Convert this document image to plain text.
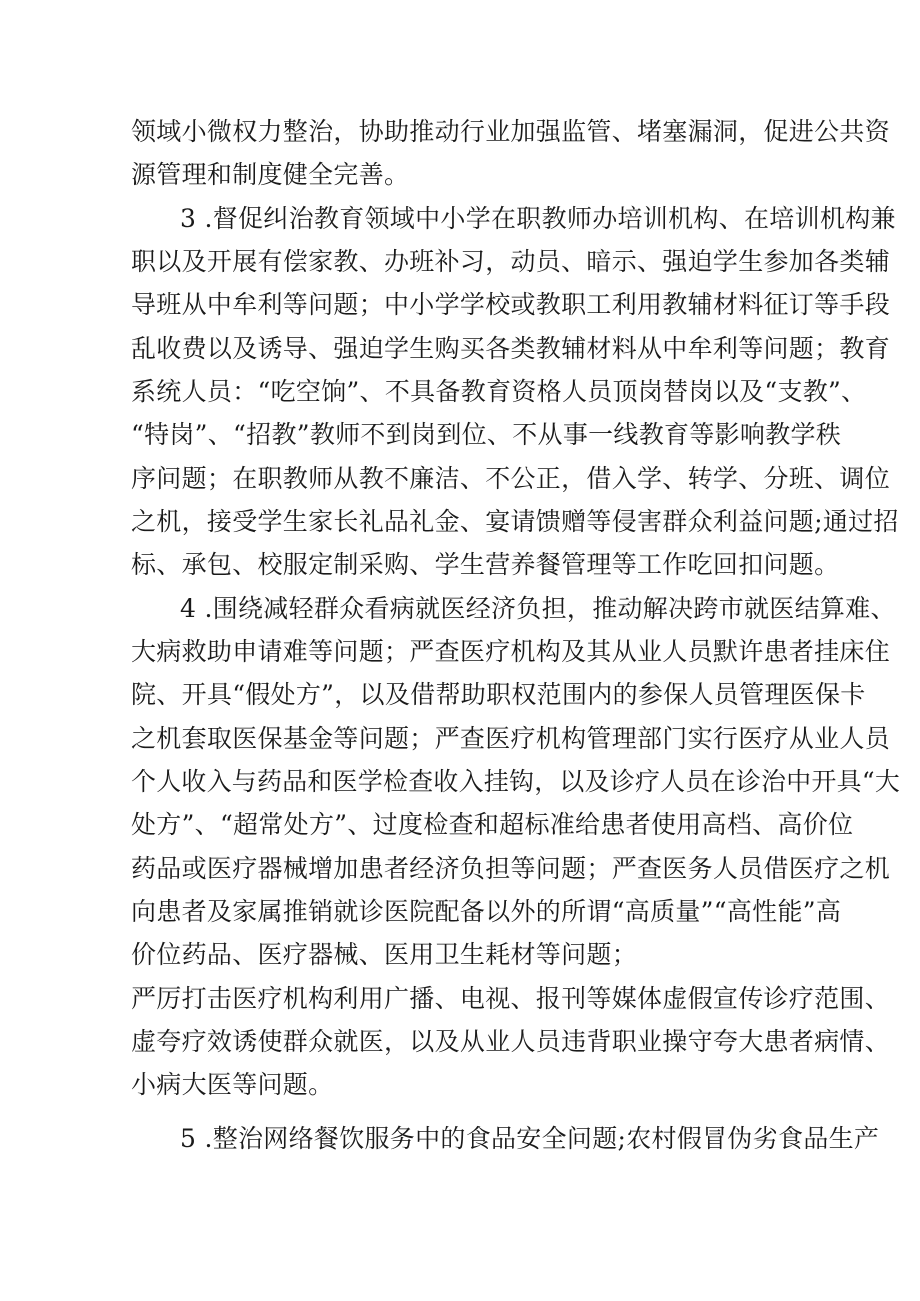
领域小微权力整治，协助推动行业加强监管、堵塞漏洞，促进公共资
源管理和制度健全完善。
3 .督促纠治教育领域中小学在职教师办培训机构、在培训机构兼
职以及开展有偿家教、办班补习，动员、暗示、强迫学生参加各类辅
导班从中牟利等问题；中小学学校或教职工利用教辅材料征订等手段
乱收费以及诱导、强迫学生购买各类教辅材料从中牟利等问题；教育
系统人员：“吃空饷”、不具备教育资格人员顶岗替岗以及“支教”、
“特岗”、“招教”教师不到岗到位、不从事一线教育等影响教学秩
序问题；在职教师从教不廉洁、不公正，借入学、转学、分班、调位
之机，接受学生家长礼品礼金、宴请馈赠等侵害群众利益问题;通过招
标、承包、校服定制采购、学生营养餐管理等工作吃回扣问题。
4 .围绕减轻群众看病就医经济负担，推动解决跨市就医结算难、
大病救助申请难等问题；严查医疗机构及其从业人员默许患者挂床住
院、开具“假处方”，以及借帮助职权范围内的参保人员管理医保卡
之机套取医保基金等问题；严查医疗机构管理部门实行医疗从业人员
个人收入与药品和医学检查收入挂钩，以及诊疗人员在诊治中开具“大
处方”、“超常处方”、过度检查和超标准给患者使用高档、高价位
药品或医疗器械增加患者经济负担等问题；严查医务人员借医疗之机
向患者及家属推销就诊医院配备以外的所谓“高质量”“高性能”高
价位药品、医疗器械、医用卫生耗材等问题；
严厉打击医疗机构利用广播、电视、报刊等媒体虚假宣传诊疗范围、
虚夸疗效诱使群众就医，以及从业人员违背职业操守夸大患者病情、
小病大医等问题。
5 .整治网络餐饮服务中的食品安全问题;农村假冒伪劣食品生产
